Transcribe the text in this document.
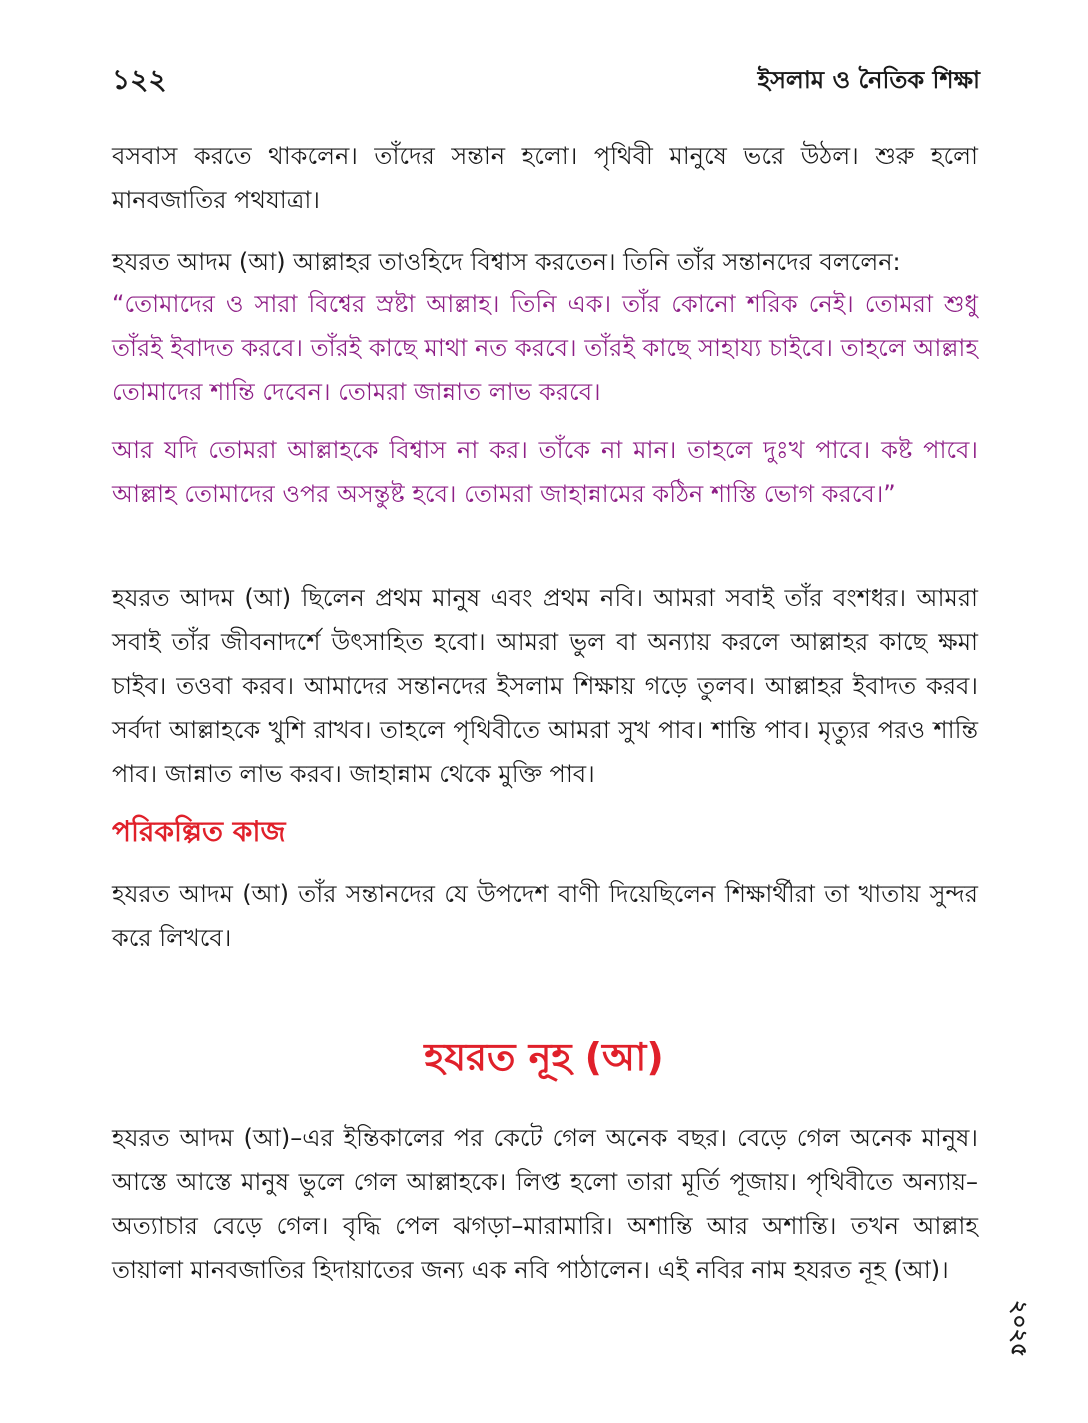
১২২	ইসলাম ও নৈতিক শিক্ষা

বসবাস করতে থাকলেন। তাঁদের সন্তান হলো। পৃথিবী মানুষে ভরে উঠল। শুরু হলো মানবজাতির পথযাত্রা।

হযরত আদম (আ) আল্লাহর তাওহিদে বিশ্বাস করতেন। তিনি তাঁর সন্তানদের বললেন:

“তোমাদের ও সারা বিশ্বের স্রষ্টা আল্লাহ। তিনি এক। তাঁর কোনো শরিক নেই। তোমরা শুধু তাঁরই ইবাদত করবে। তাঁরই কাছে মাথা নত করবে। তাঁরই কাছে সাহায্য চাইবে। তাহলে আল্লাহ তোমাদের শান্তি দেবেন। তোমরা জান্নাত লাভ করবে।

আর যদি তোমরা আল্লাহকে বিশ্বাস না কর। তাঁকে না মান। তাহলে দুঃখ পাবে। কষ্ট পাবে। আল্লাহ তোমাদের ওপর অসন্তুষ্ট হবে। তোমরা জাহান্নামের কঠিন শাস্তি ভোগ করবে।”

হযরত আদম (আ) ছিলেন প্রথম মানুষ এবং প্রথম নবি। আমরা সবাই তাঁর বংশধর। আমরা সবাই তাঁর জীবনাদর্শে উৎসাহিত হবো। আমরা ভুল বা অন্যায় করলে আল্লাহর কাছে ক্ষমা চাইব। তওবা করব। আমাদের সন্তানদের ইসলাম শিক্ষায় গড়ে তুলব। আল্লাহর ইবাদত করব। সর্বদা আল্লাহকে খুশি রাখব। তাহলে পৃথিবীতে আমরা সুখ পাব। শান্তি পাব। মৃত্যুর পরও শান্তি পাব। জান্নাত লাভ করব। জাহান্নাম থেকে মুক্তি পাব।

পরিকল্পিত কাজ

হযরত আদম (আ) তাঁর সন্তানদের যে উপদেশ বাণী দিয়েছিলেন শিক্ষার্থীরা তা খাতায় সুন্দর করে লিখবে।

হযরত নূহ (আ)

হযরত আদম (আ)–এর ইন্তিকালের পর কেটে গেল অনেক বছর। বেড়ে গেল অনেক মানুষ। আস্তে আস্তে মানুষ ভুলে গেল আল্লাহকে। লিপ্ত হলো তারা মূর্তি পূজায়। পৃথিবীতে অন্যায়–অত্যাচার বেড়ে গেল। বৃদ্ধি পেল ঝগড়া–মারামারি। অশান্তি আর অশান্তি। তখন আল্লাহ তায়ালা মানবজাতির হিদায়াতের জন্য এক নবি পাঠালেন। এই নবির নাম হযরত নূহ (আ)।

২০২৫
